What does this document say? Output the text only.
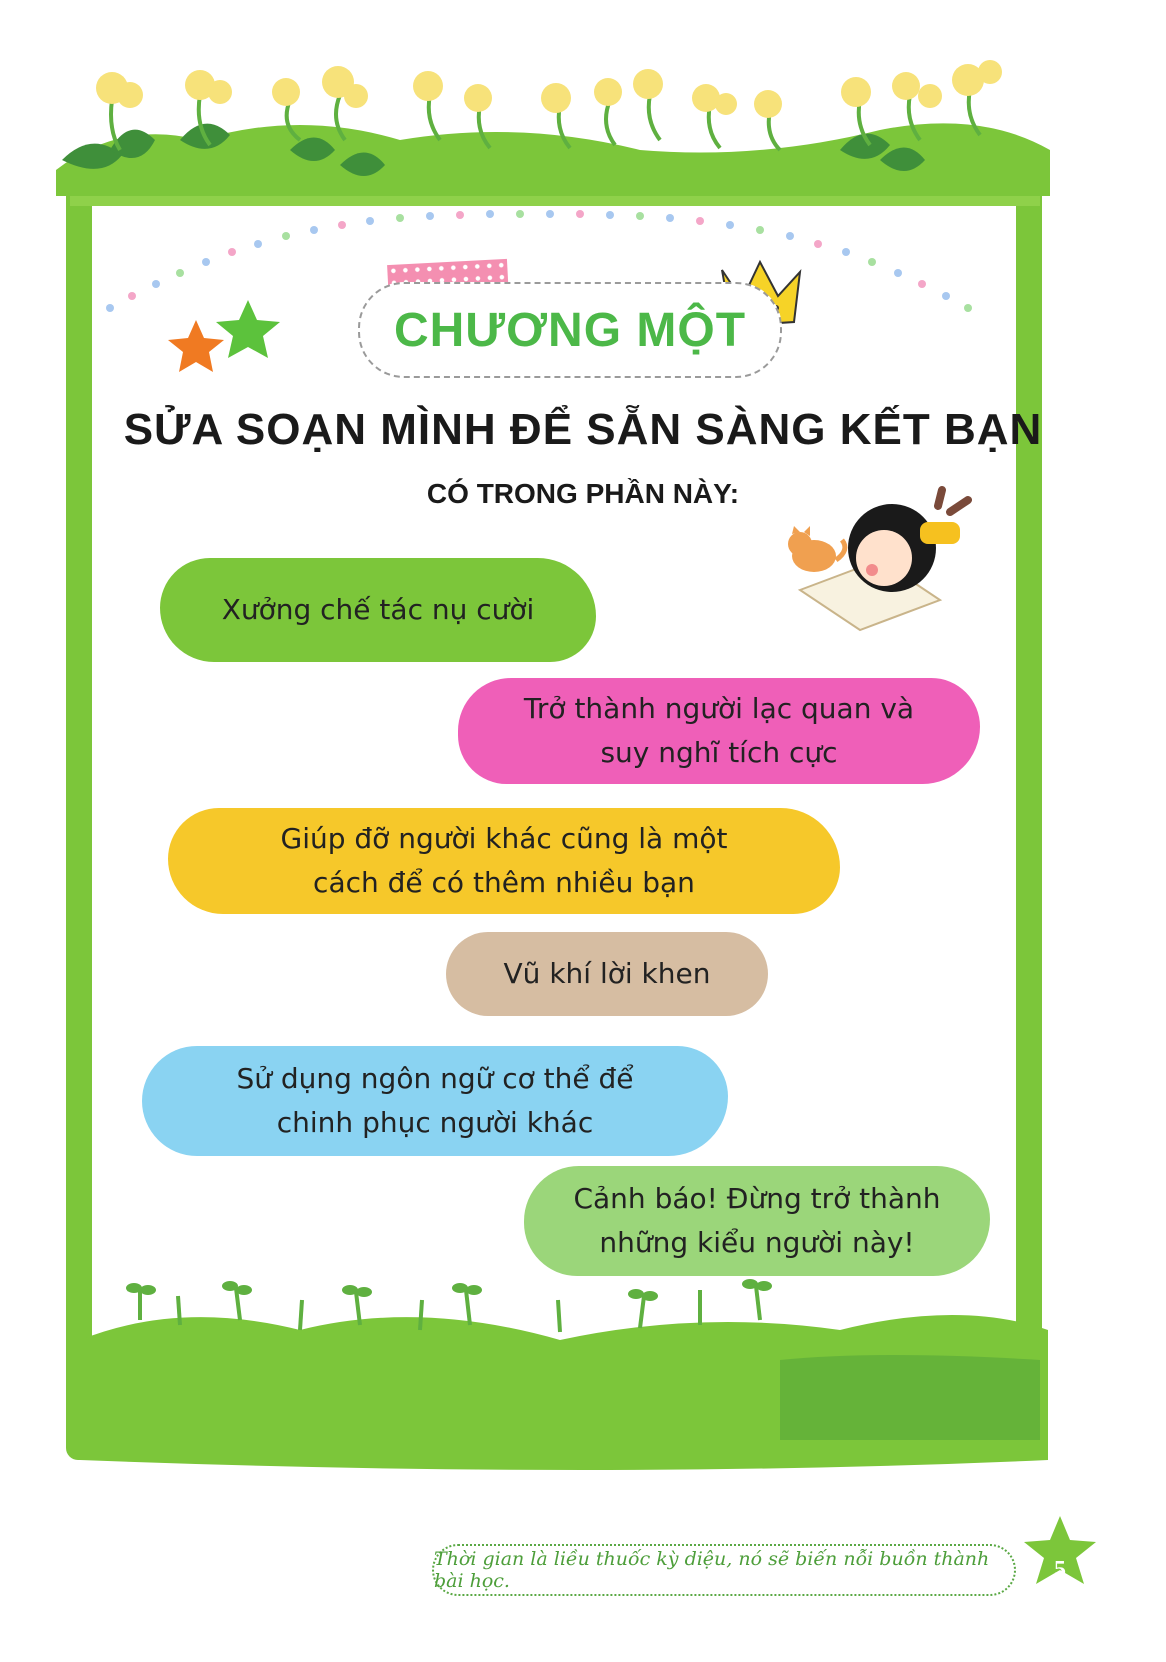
CHƯƠNG MỘT
SỬA SOẠN MÌNH ĐỂ SẴN SÀNG KẾT BẠN
CÓ TRONG PHẦN NÀY:
Xưởng chế tác nụ cười
Trở thành người lạc quan và
suy nghĩ tích cực
Giúp đỡ người khác cũng là một
cách để có thêm nhiều bạn
Vũ khí lời khen
Sử dụng ngôn ngữ cơ thể để
chinh phục người khác
Cảnh báo! Đừng trở thành
những kiểu người này!
Thời gian là liều thuốc kỳ diệu, nó sẽ biến nỗi buồn thành bài học.	5
